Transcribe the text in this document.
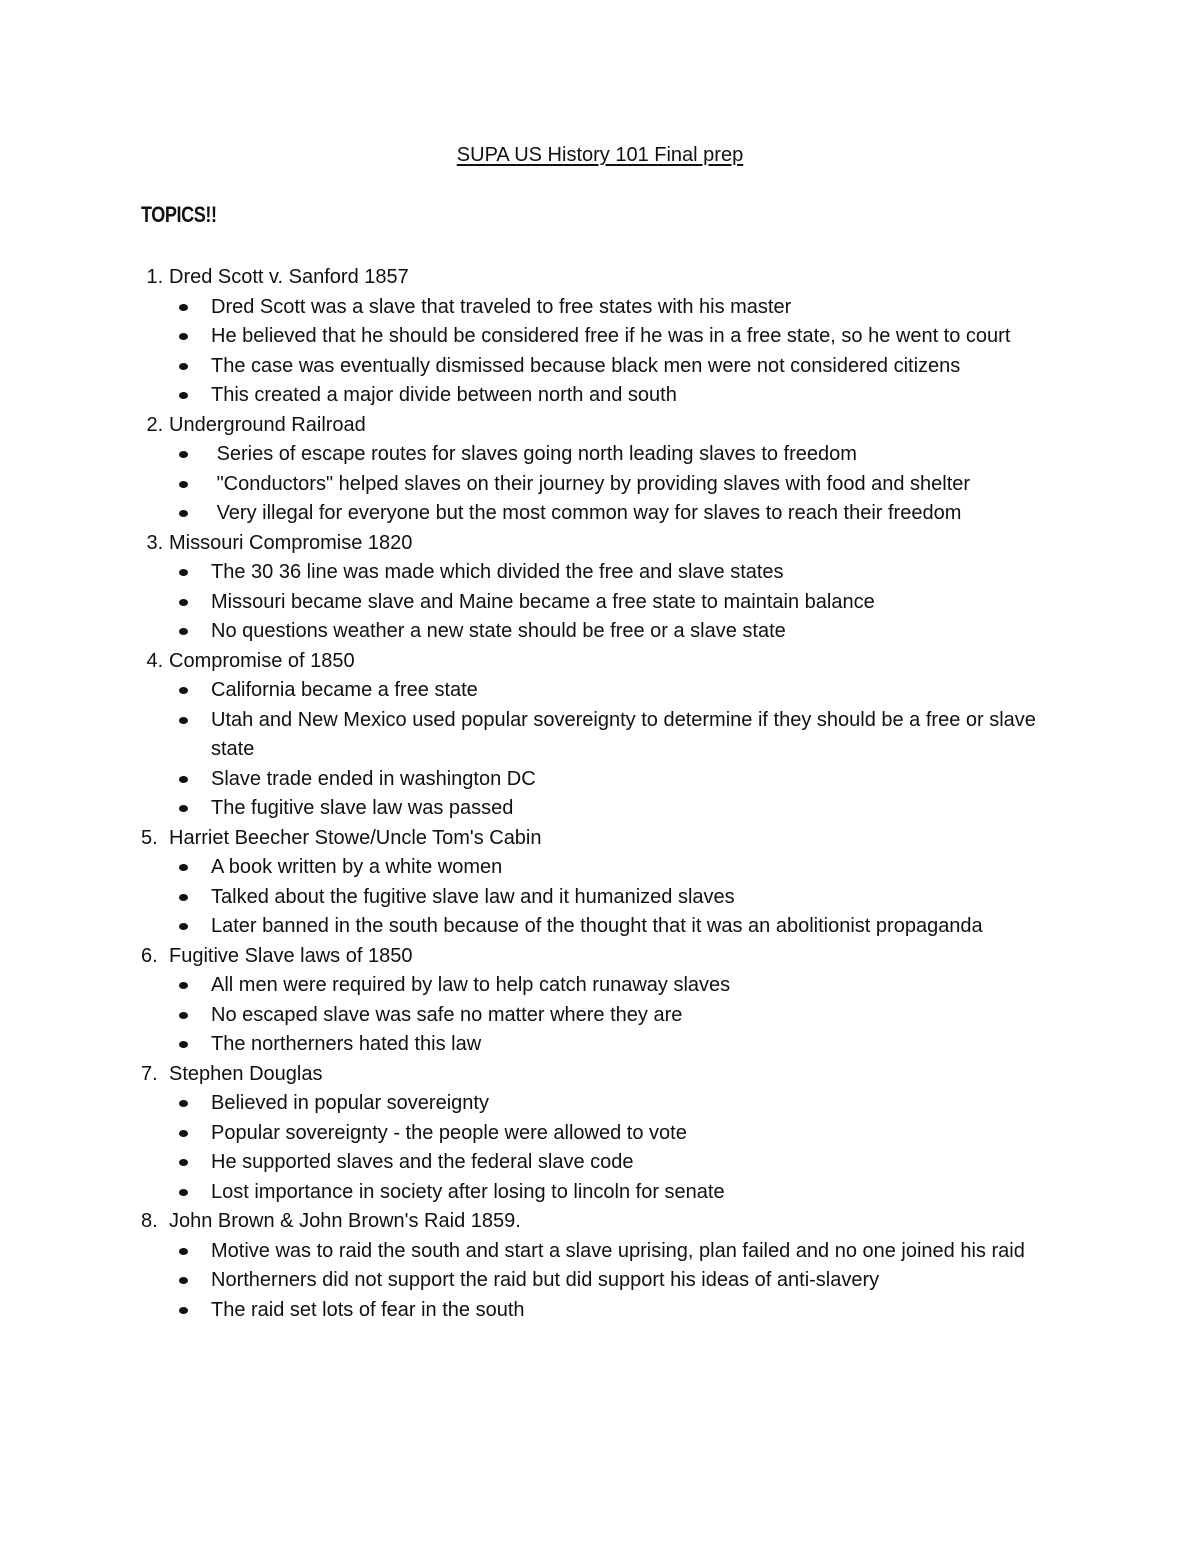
SUPA US History 101 Final prep
TOPICS!!
1. Dred Scott v. Sanford 1857
Dred Scott was a slave that traveled to free states with his master
He believed that he should be considered free if he was in a free state, so he went to court
The case was eventually dismissed because black men were not considered citizens
This created a major divide between north and south
2. Underground Railroad
Series of escape routes for slaves going north leading slaves to freedom
"Conductors" helped slaves on their journey by providing slaves with food and shelter
Very illegal for everyone but the most common way for slaves to reach their freedom
3. Missouri Compromise 1820
The 30 36 line was made which divided the free and slave states
Missouri became slave and Maine became a free state to maintain balance
No questions weather a new state should be free or a slave state
4. Compromise of 1850
California became a free state
Utah and New Mexico used popular sovereignty to determine if they should be a free or slave state
Slave trade ended in washington DC
The fugitive slave law was passed
5. Harriet Beecher Stowe/Uncle Tom's Cabin
A book written by a white women
Talked about the fugitive slave law and it humanized slaves
Later banned in the south because of the thought that it was an abolitionist propaganda
6. Fugitive Slave laws of 1850
All men were required by law to help catch runaway slaves
No escaped slave was safe no matter where they are
The northerners hated this law
7. Stephen Douglas
Believed in popular sovereignty
Popular sovereignty - the people were allowed to vote
He supported slaves and the federal slave code
Lost importance in society after losing to lincoln for senate
8. John Brown & John Brown's Raid 1859.
Motive was to raid the south and start a slave uprising, plan failed and no one joined his raid
Northerners did not support the raid but did support his ideas of anti-slavery
The raid set lots of fear in the south
